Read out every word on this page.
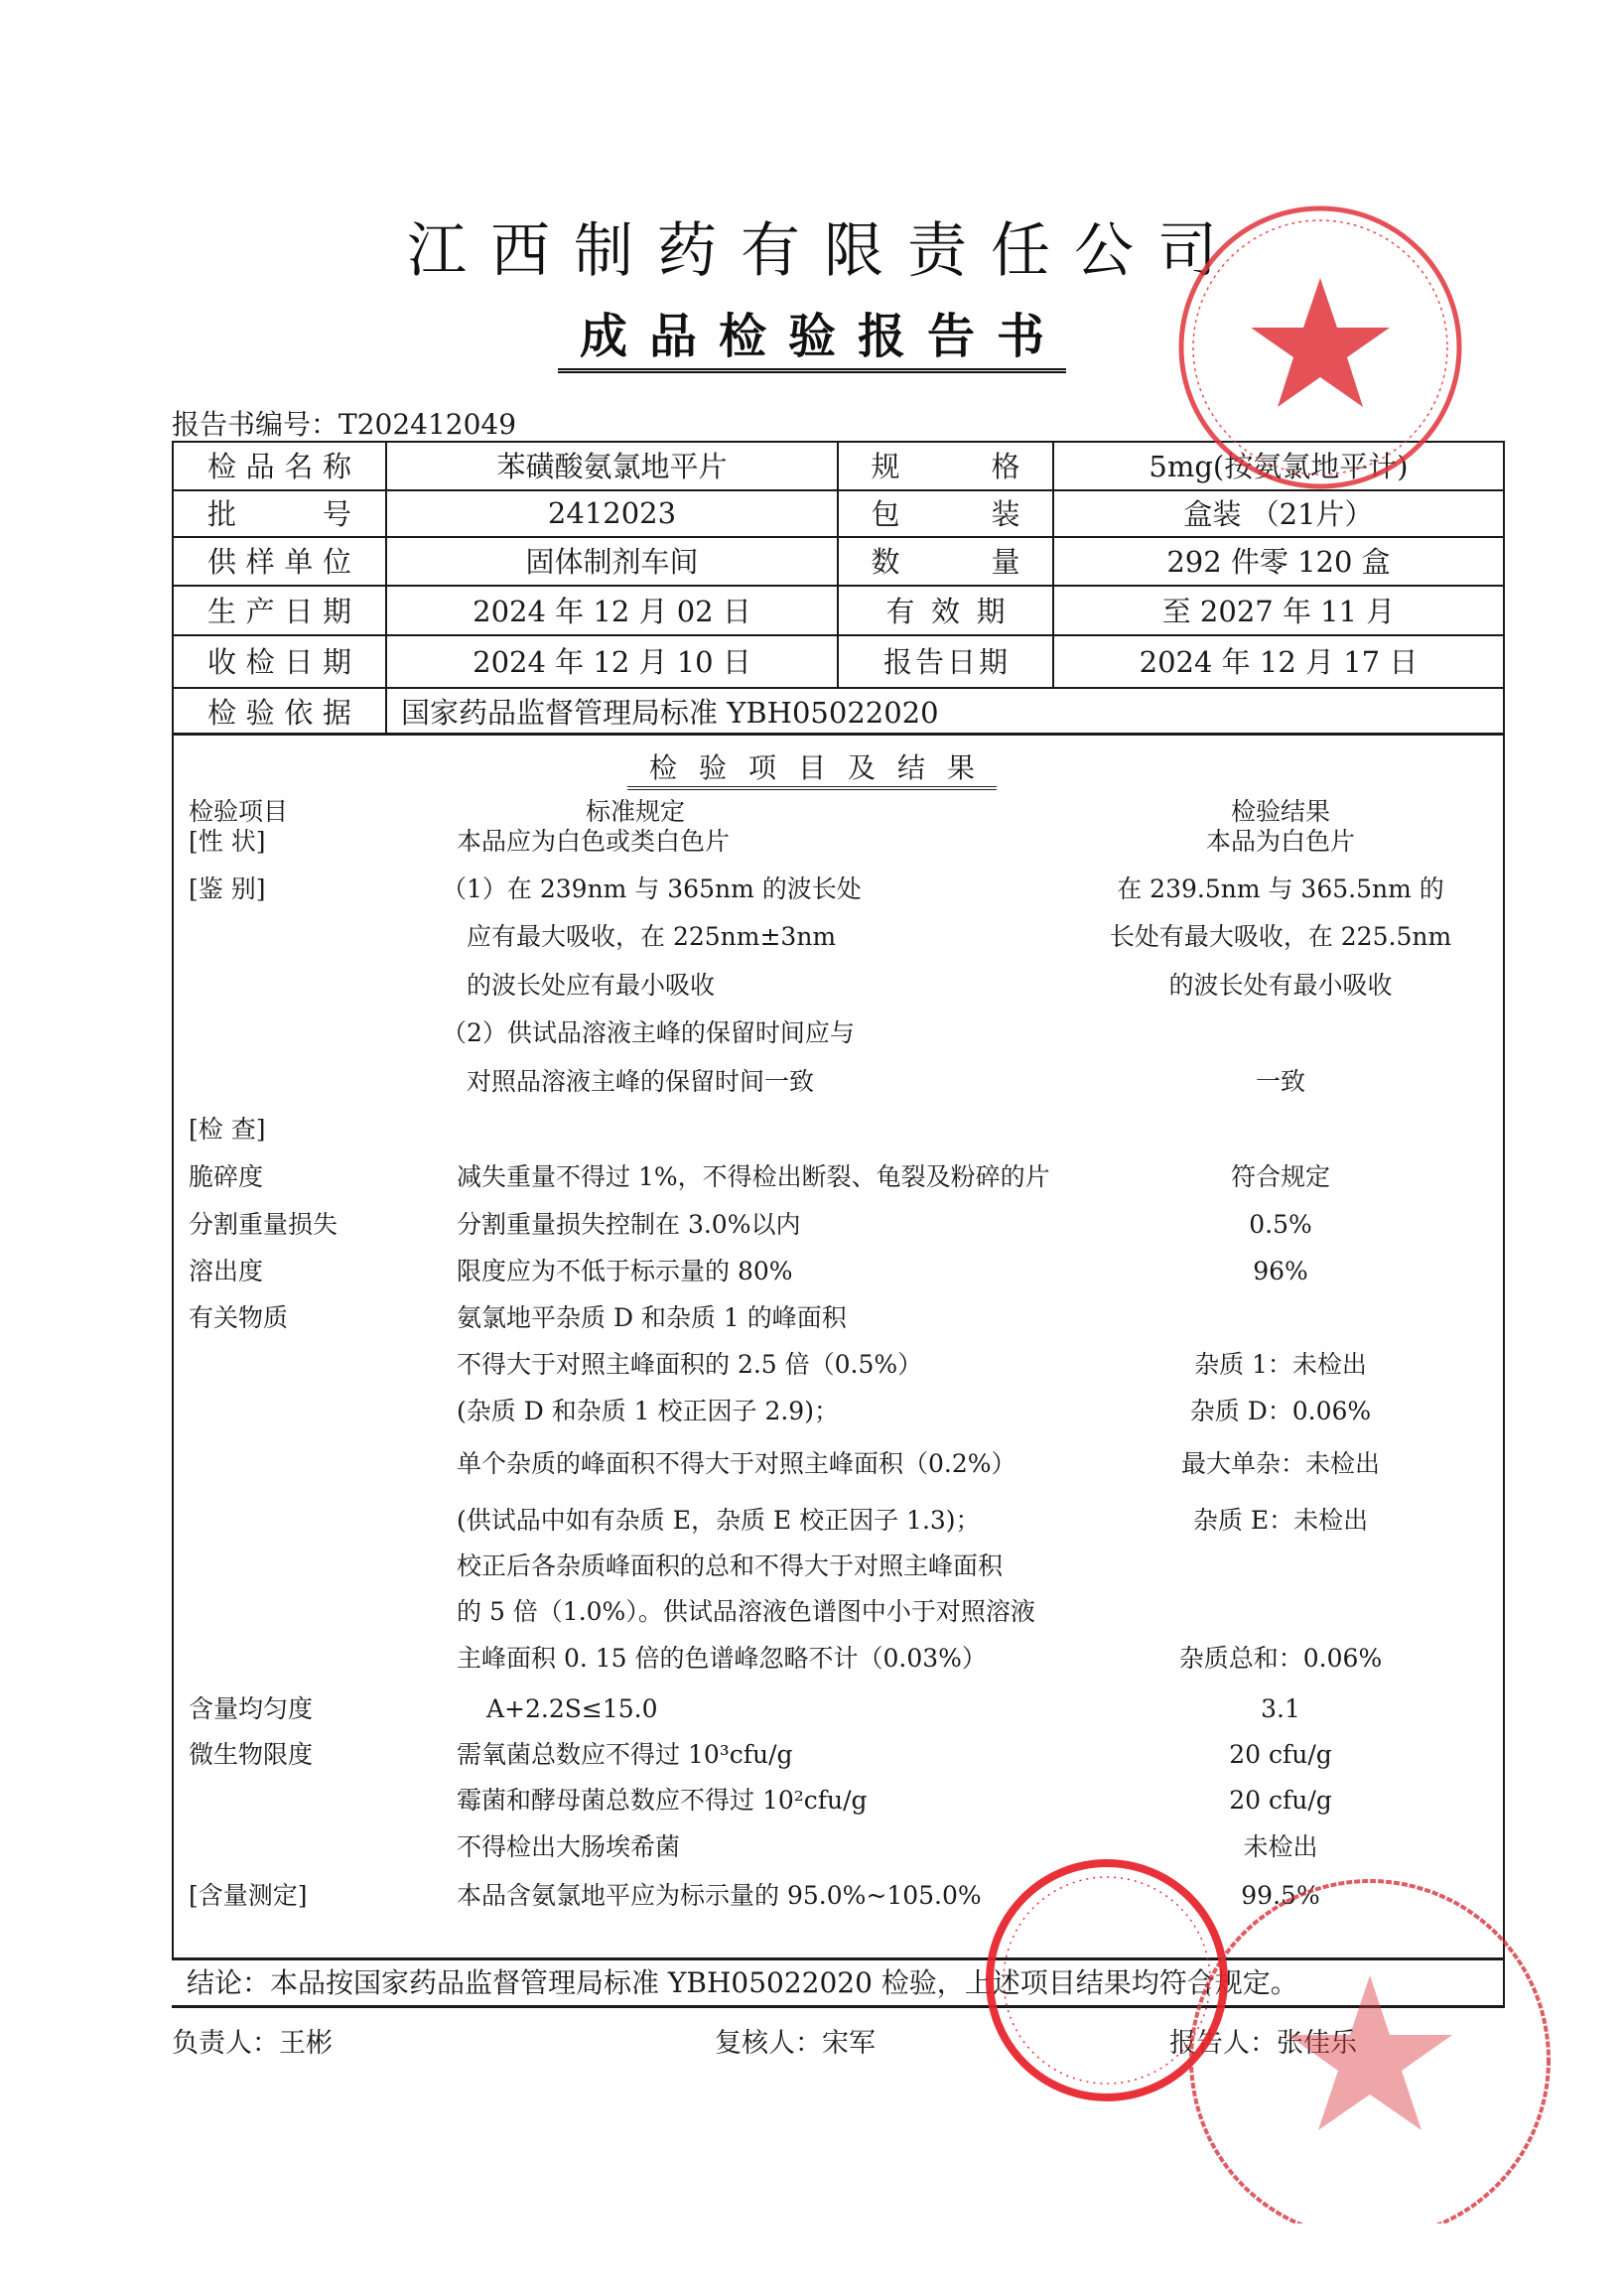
江西制药有限责任公司
成品检验报告书
报告书编号：T202412049
检 品 名 称	苯磺酸氨氯地平片	规	格	5mg(按氨氯地平计)
批	号	2412023	包	装	盒装 （21片）
供 样 单 位	固体制剂车间	数	量	292 件零 120 盒
生 产 日 期	2024 年 12 月 02 日	有 效 期	至 2027 年 11 月
收 检 日 期	2024 年 12 月 10 日	报 告 日 期	2024 年 12 月 17 日
检 验 依 据	国家药品监督管理局标准 YBH05022020
检验项目及结果
检验项目	标准规定	检验结果
[性 状]	本品应为白色或类白色片	本品为白色片
[鉴 别]	（1）在 239nm 与 365nm 的波长处	在 239.5nm 与 365.5nm 的
应有最大吸收，在 225nm±3nm	长处有最大吸收，在 225.5nm
的波长处应有最小吸收	的波长处有最小吸收
（2）供试品溶液主峰的保留时间应与
对照品溶液主峰的保留时间一致	一致
[检 查]
脆碎度	减失重量不得过 1%，不得检出断裂、龟裂及粉碎的片	符合规定
分割重量损失	分割重量损失控制在 3.0%以内	0.5%
溶出度	限度应为不低于标示量的 80%	96%
有关物质	氨氯地平杂质 D 和杂质 1 的峰面积
不得大于对照主峰面积的 2.5 倍（0.5%）	杂质 1：未检出
(杂质 D 和杂质 1 校正因子 2.9)；	杂质 D：0.06%
单个杂质的峰面积不得大于对照主峰面积（0.2%）	最大单杂：未检出
(供试品中如有杂质 E，杂质 E 校正因子 1.3)；	杂质 E：未检出
校正后各杂质峰面积的总和不得大于对照主峰面积
的 5 倍（1.0%）。供试品溶液色谱图中小于对照溶液
主峰面积 0. 15 倍的色谱峰忽略不计（0.03%）	杂质总和：0.06%
含量均匀度	A+2.2S≤15.0	3.1
微生物限度	需氧菌总数应不得过 10³cfu/g	20 cfu/g
霉菌和酵母菌总数应不得过 10²cfu/g	20 cfu/g
不得检出大肠埃希菌	未检出
[含量测定]	本品含氨氯地平应为标示量的 95.0%~105.0%	99.5%
结论：本品按国家药品监督管理局标准 YBH05022020 检验，上述项目结果均符合规定。
负责人：王彬	复核人：宋军	报告人：张佳乐
